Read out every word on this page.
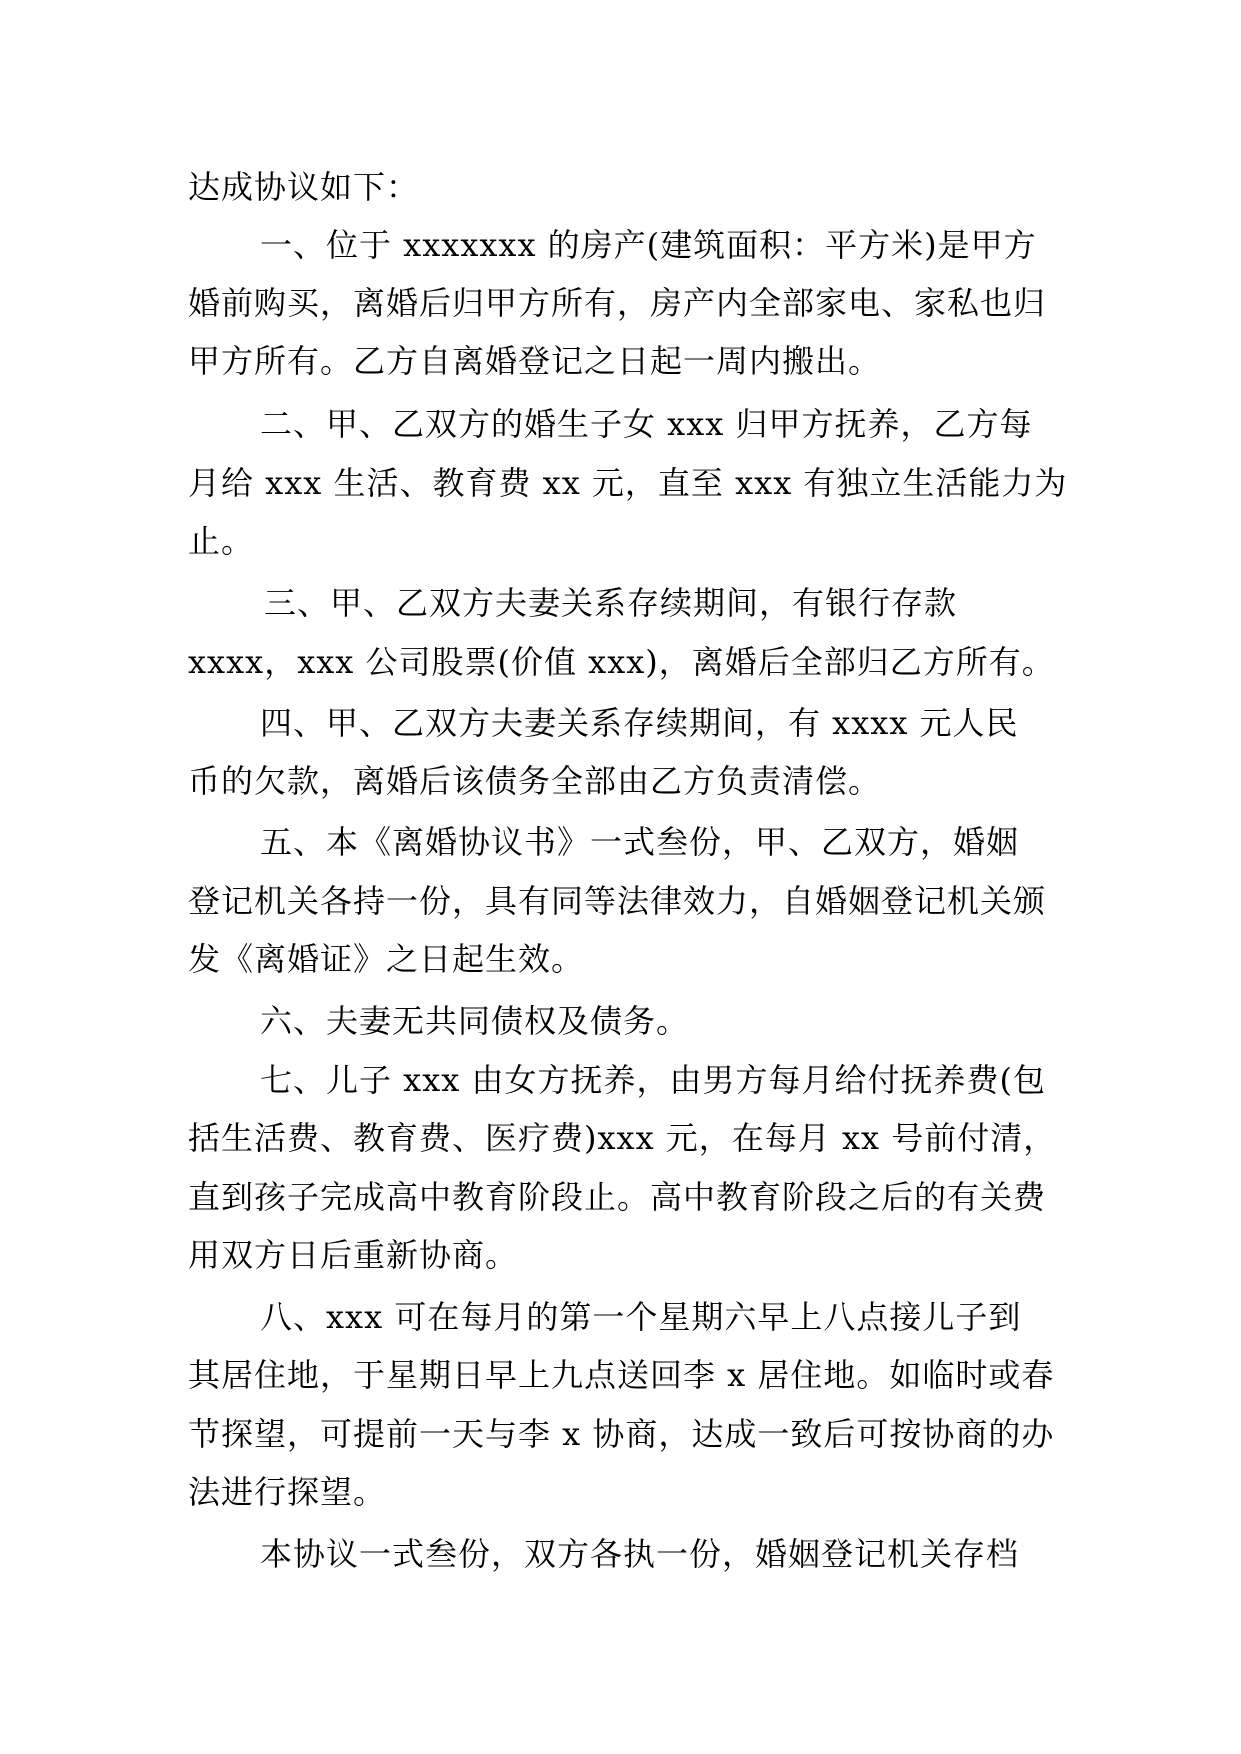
达成协议如下：
一、位于 xxxxxxx 的房产(建筑面积：平方米)是甲方
婚前购买，离婚后归甲方所有，房产内全部家电、家私也归
甲方所有。乙方自离婚登记之日起一周内搬出。
二、甲、乙双方的婚生子女 xxx 归甲方抚养，乙方每
月给 xxx 生活、教育费 xx 元，直至 xxx 有独立生活能力为
止。
三、甲、乙双方夫妻关系存续期间，有银行存款
xxxx，xxx 公司股票(价值 xxx)，离婚后全部归乙方所有。
四、甲、乙双方夫妻关系存续期间，有 xxxx 元人民
币的欠款，离婚后该债务全部由乙方负责清偿。
五、本《离婚协议书》一式叁份，甲、乙双方，婚姻
登记机关各持一份，具有同等法律效力，自婚姻登记机关颁
发《离婚证》之日起生效。
六、夫妻无共同债权及债务。
七、儿子 xxx 由女方抚养，由男方每月给付抚养费(包
括生活费、教育费、医疗费)xxx 元，在每月 xx 号前付清，
直到孩子完成高中教育阶段止。高中教育阶段之后的有关费
用双方日后重新协商。
八、xxx 可在每月的第一个星期六早上八点接儿子到
其居住地，于星期日早上九点送回李 x 居住地。如临时或春
节探望，可提前一天与李 x 协商，达成一致后可按协商的办
法进行探望。
本协议一式叁份，双方各执一份，婚姻登记机关存档
